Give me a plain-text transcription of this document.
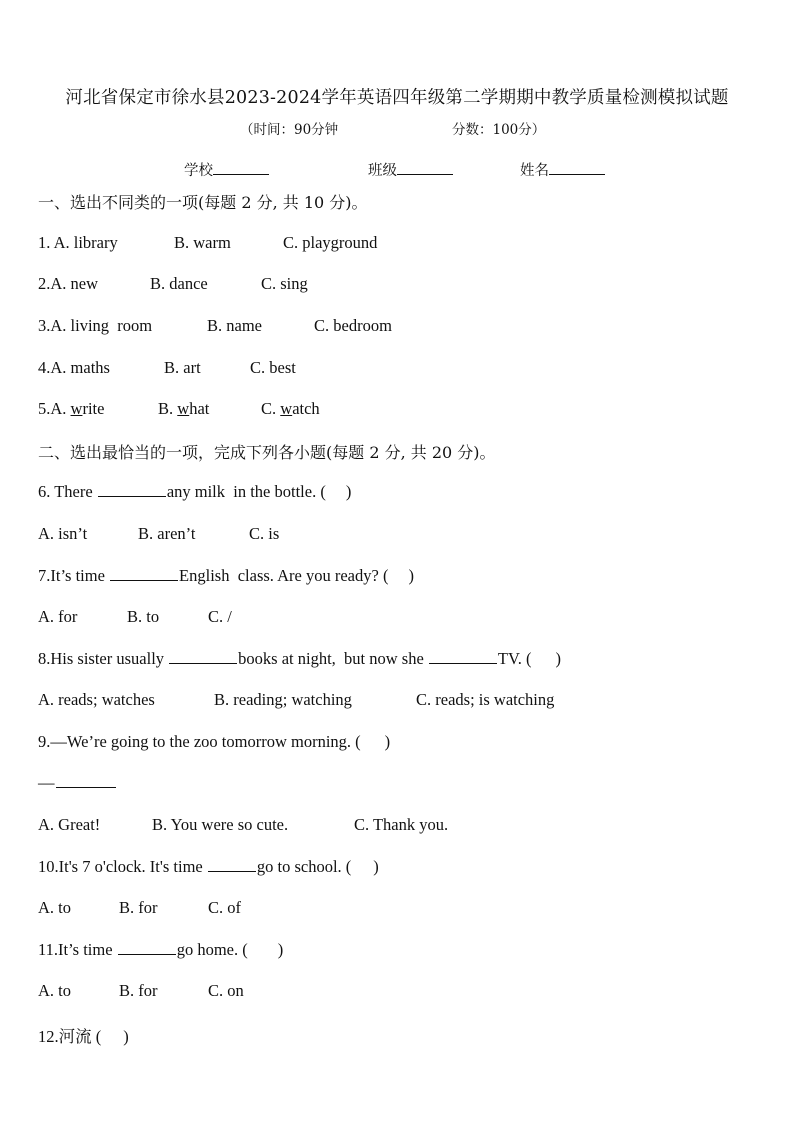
河北省保定市徐水县2023-2024学年英语四年级第二学期期中教学质量检测模拟试题
（时间：90分钟	分数：100分）
学校	班级	姓名
一、选出不同类的一项(每题 2 分, 共 10 分)。
1. A. library	B. warm	C. playground
2.A. new	B. dance	C. sing
3.A. living  room	B. name	C. bedroom
4.A. maths	B. art	C. best
5.A. write	B. what	C. watch
二、选出最恰当的一项，完成下列各小题(每题 2 分, 共 20 分)。
6. There	any milk  in the bottle. ( )
A. isn’t	B. aren’t	C. is
7.It’s time	English  class. Are you ready? ( )
A. for	B. to	C. /
8.His sister usually	books at night,  but now she	TV. ( )
A. reads; watches	B. reading; watching	C. reads; is watching
9.—We’re going to the zoo tomorrow morning. ( )
—
A. Great!	B. You were so cute.	C. Thank you.
10.It's 7 o'clock. It's time	go to school. ( )
A. to	B. for	C. of
11.It’s time	go home. ( )
A. to	B. for	C. on
12.河流 ( )
